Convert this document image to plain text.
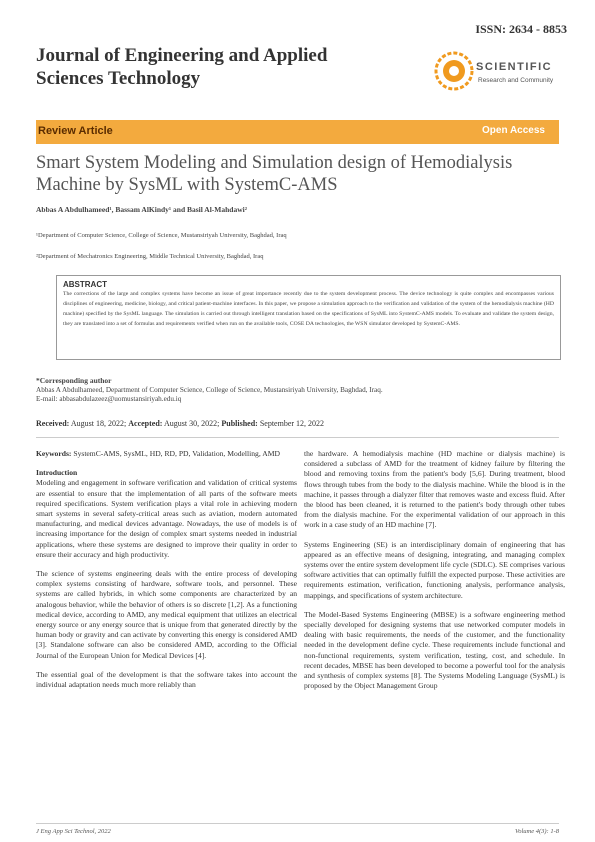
ISSN: 2634 - 8853
Journal of Engineering and Applied Sciences Technology
SCIENTIFIC
Research and Community
Review Article	Open Access
Smart System Modeling and Simulation design of Hemodialysis Machine by SysML with SystemC-AMS
Abbas A Abdulhameed¹, Bassam AlKindy¹ and Basil Al-Mahdawi²
¹Department of Computer Science, College of Science, Mustansiriyah University, Baghdad, Iraq
²Department of Mechatronics Engineering, Middle Technical University, Baghdad, Iraq
ABSTRACT
The corrections of the large and complex systems have become an issue of great importance recently due to the system development process. The device technology is quite complex and encompasses various disciplines of engineering, medicine, biology, and critical patient-machine interfaces. In this paper, we propose a simulation approach to the verification and validation of the system of the hemodialysis machine (HD machine) specified by the SysML language. The simulation is carried out through intelligent translation based on the specifications of SysML into SystemC-AMS models. To evaluate and validate the system design, they are translated into a set of formulas and requirements verified when run on the available tools, COSE DA technologies, the WSN simulator developed by SystemC-AMS.
*Corresponding author
Abbas A Abdulhameed, Department of Computer Science, College of Science, Mustansiriyah University, Baghdad, Iraq.
E-mail: abbasabdulazeez@uomustansiriyah.edu.iq
Received: August 18, 2022; Accepted: August 30, 2022; Published: September 12, 2022
Keywords: SystemC-AMS, SysML, HD, RD, PD, Validation, Modelling, AMD

Introduction

Modeling and engagement in software verification and validation of critical systems are essential to ensure that the implementation of all parts of the software meets required specifications. System verification plays a vital role in achieving modern smart systems in several safety-critical areas such as aviation, modern automated manufacturing, and medical devices advantage. Nowadays, the use of models is of increasing importance for the design of complex smart systems needed in industrial applications, where these systems are designed to improve their quality in order to ensure their accuracy and high productivity.

The science of systems engineering deals with the entire process of developing complex systems consisting of hardware, software tools, and personnel. These systems are called hybrids, in which some components are characterized by an analogous behavior, while the behavior of others is so discrete [1,2]. As a functioning medical device, according to AMD, any medical equipment that utilizes an electrical energy source or any energy source that is unique from that generated directly by the human body or gravity and can activate by converting this energy is considered AMD [3]. Standalone software can also be considered AMD, according to the Official Journal of the European Union for Medical Devices [4].

The essential goal of the development is that the software takes into account the individual adaptation needs much more reliably than

the hardware. A hemodialysis machine (HD machine or dialysis machine) is considered a subclass of AMD for the treatment of kidney failure by filtering the blood and removing toxins from the patient's body [5,6]. During treatment, blood flows through tubes from the body to the dialysis machine. While the blood is in the machine, it passes through a dialyzer filter that removes waste and excess fluid. After the blood has been cleaned, it is returned to the patient's body through other tubes from the dialysis machine. For the experimental validation of our approach in this work in a case study of an HD machine [7].

Systems Engineering (SE) is an interdisciplinary domain of engineering that has appeared as an effective means of designing, integrating, and managing complex systems over the entire system development life cycle (SDLC). SE comprises various software activities that can optimally fulfill the expected purpose. These activities are requirements estimation, verification, functioning analysis, performance analysis, mappings, and specifications of system architecture.

The Model-Based Systems Engineering (MBSE) is a software engineering method specially developed for designing systems that use networked computer models in dealing with basic requirements, the needs of the customer, and the functionality needed in the development define cycle. These requirements include functional and non-functional requirements, system verification, testing, cost, and schedule. In recent decades, MBSE has been developed to become a powerful tool for the analysis and synthesis of complex systems [8]. The Systems Modeling Language (SysML) is proposed by the Object Management Group

J Eng App Sci Technol, 2022	Volume 4(3): 1-8
